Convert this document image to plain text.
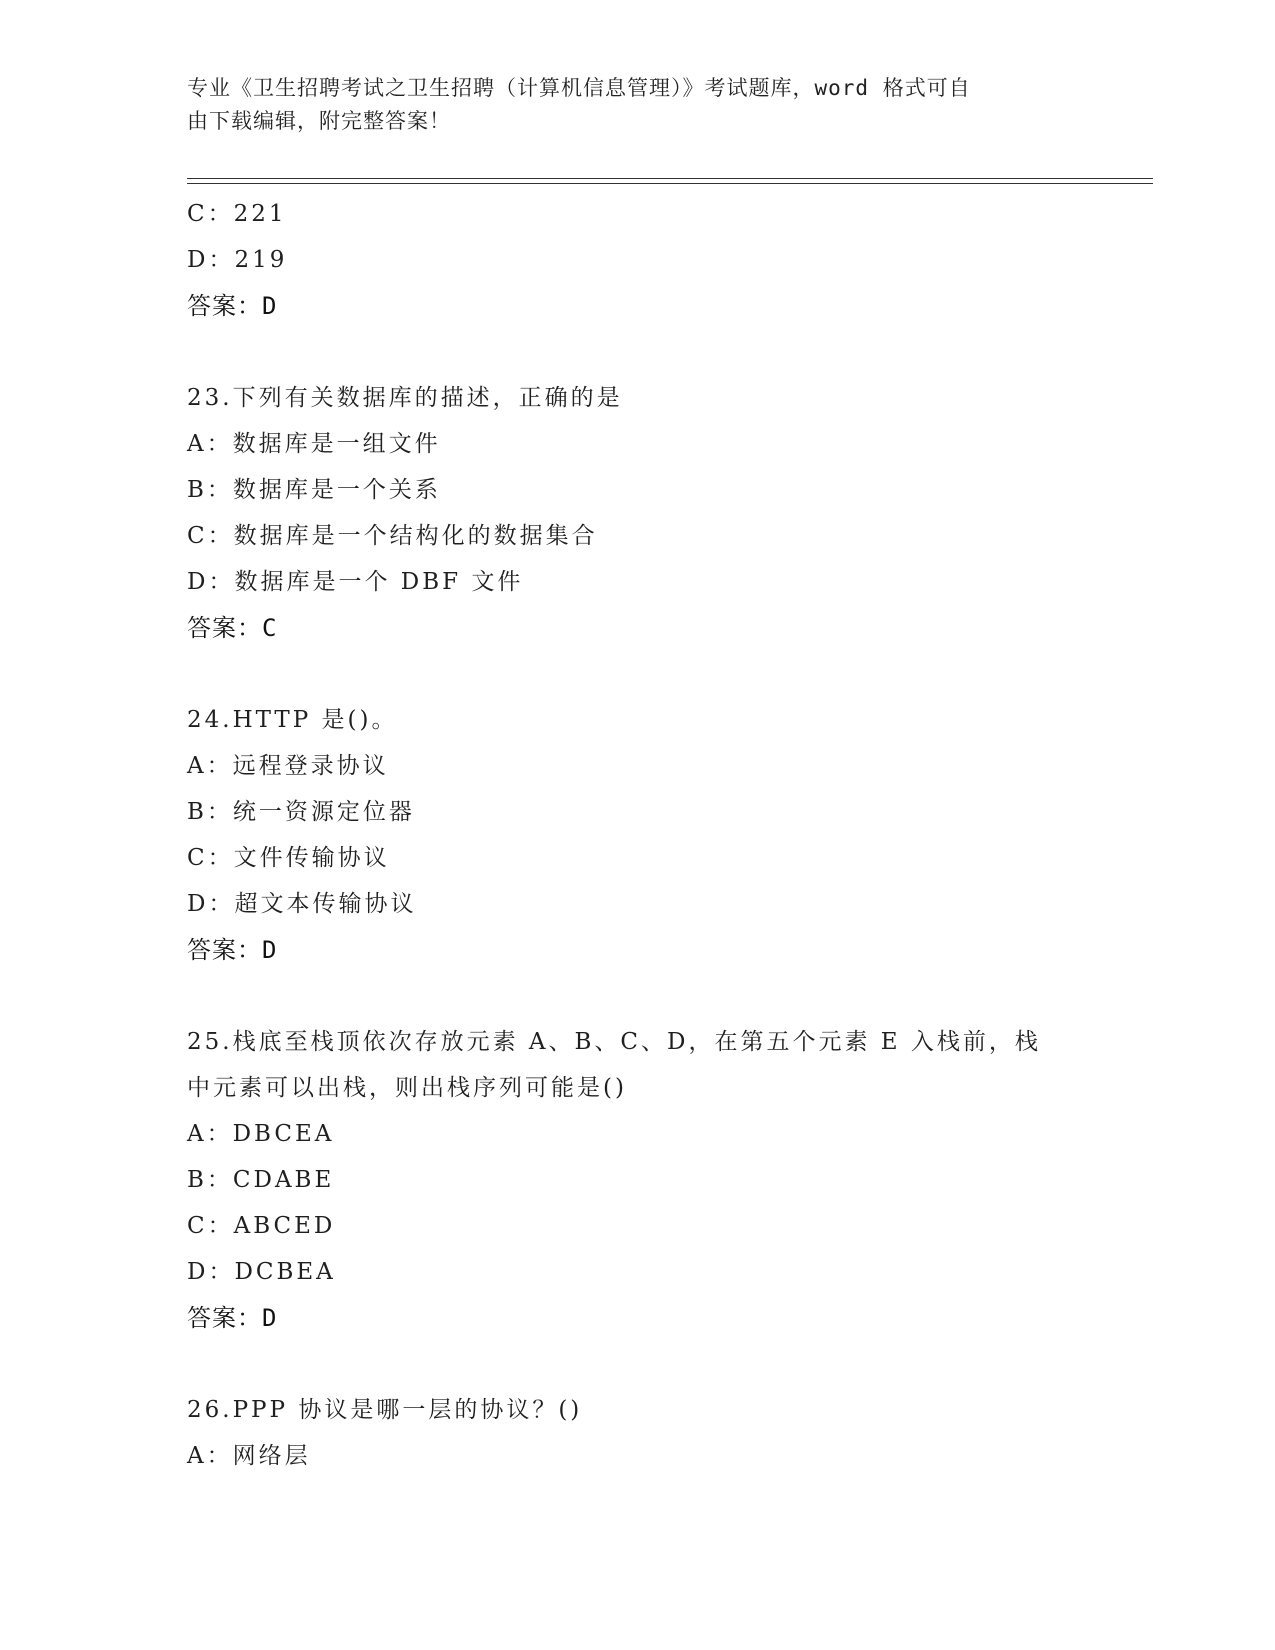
专业《卫生招聘考试之卫生招聘（计算机信息管理）》考试题库，word 格式可自
由下载编辑，附完整答案！
C：221
D：219
答案：D
23.下列有关数据库的描述，正确的是
A：数据库是一组文件
B：数据库是一个关系
C：数据库是一个结构化的数据集合
D：数据库是一个 DBF 文件
答案：C
24.HTTP 是()。
A：远程登录协议
B：统一资源定位器
C：文件传输协议
D：超文本传输协议
答案：D
25.栈底至栈顶依次存放元素 A、B、C、D，在第五个元素 E 入栈前，栈
中元素可以出栈，则出栈序列可能是()
A：DBCEA
B：CDABE
C：ABCED
D：DCBEA
答案：D
26.PPP 协议是哪一层的协议？()
A：网络层
